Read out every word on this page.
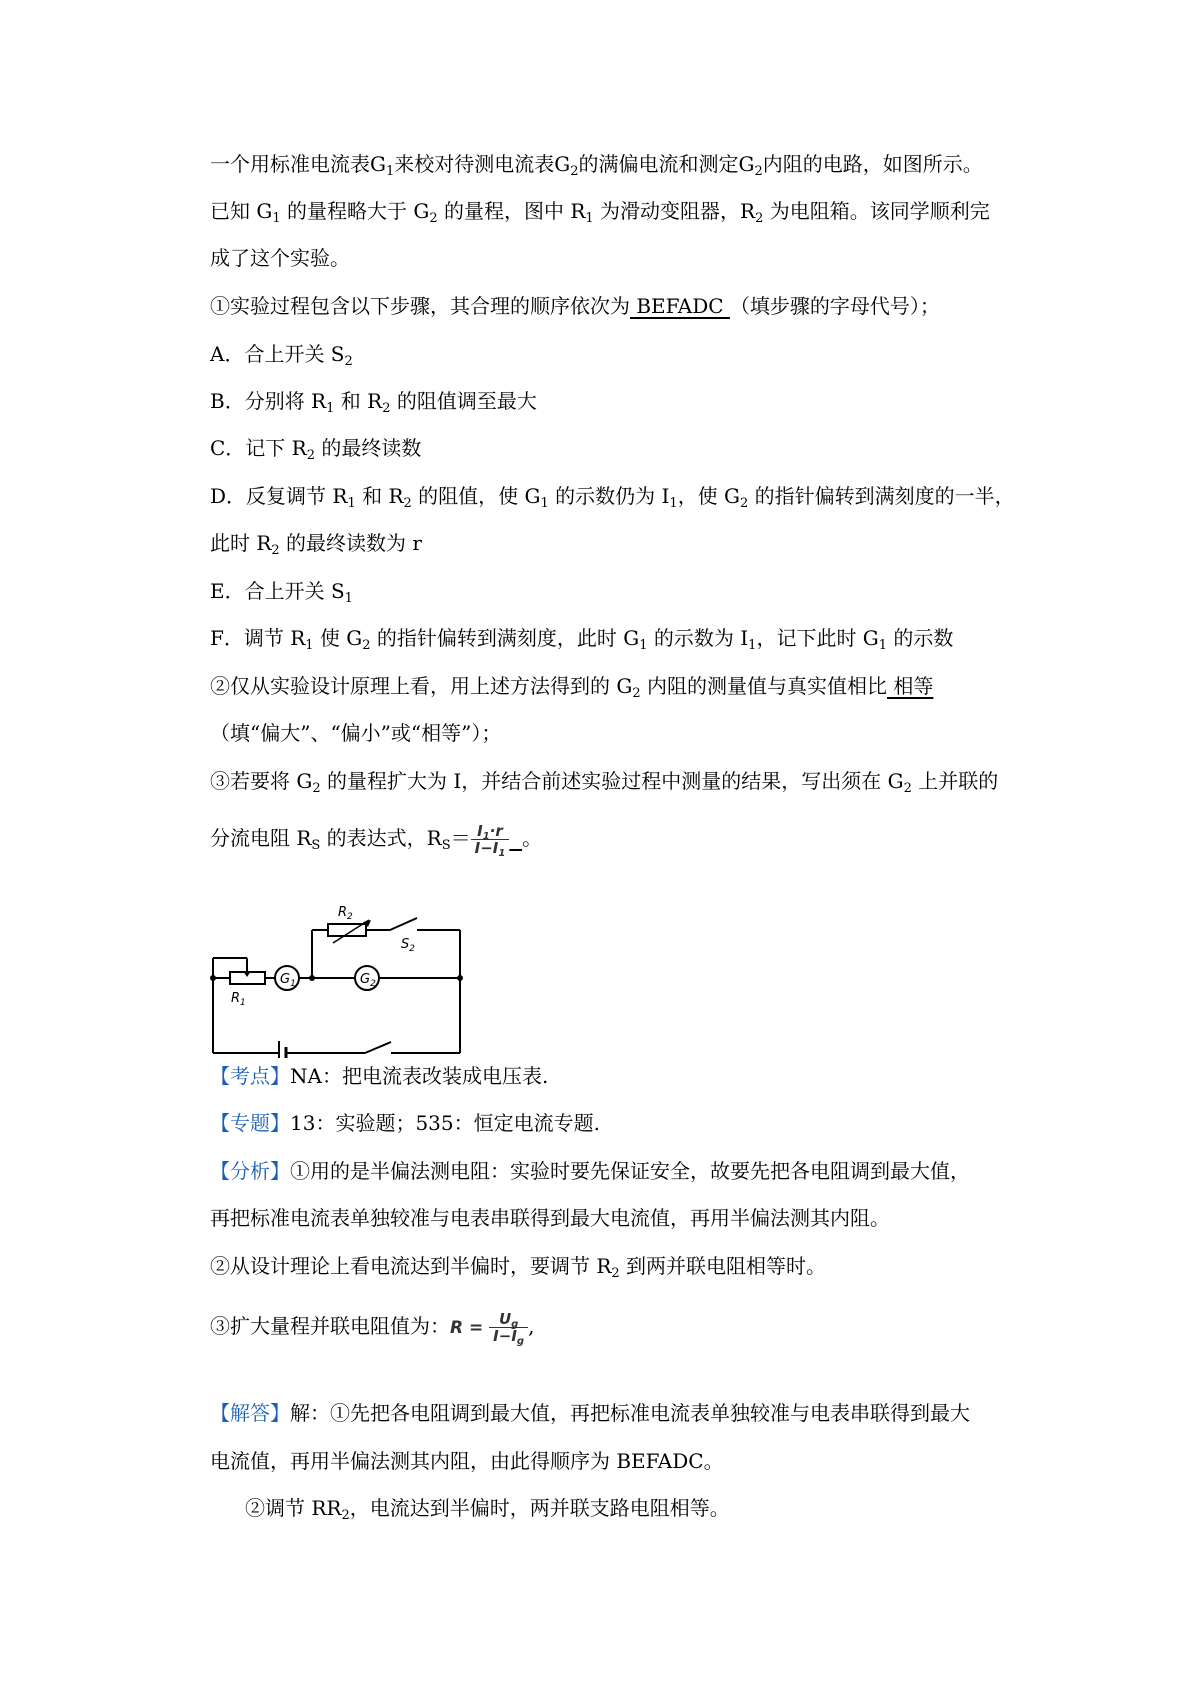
一个用标准电流表$G_1$来校对待测电流表$G_2$的满偏电流和测定$G_2$内阻的电路，如图所示。
已知 $G_1$ 的量程略大于 $G_2$ 的量程，图中 $R_1$ 为滑动变阻器，$R_2$ 为电阻箱。该同学顺利完
成了这个实验。
①实验过程包含以下步骤，其合理的顺序依次为 BEFADC （填步骤的字母代号）；
A．合上开关 $S_2$
B．分别将 $R_1$ 和 $R_2$ 的阻值调至最大
C．记下 $R_2$ 的最终读数
D．反复调节 $R_1$ 和 $R_2$ 的阻值，使 $G_1$ 的示数仍为 $I_1$，使 $G_2$ 的指针偏转到满刻度的一半，
此时 $R_2$ 的最终读数为 r
E．合上开关 $S_1$
F．调节 $R_1$ 使 $G_2$ 的指针偏转到满刻度，此时 $G_1$ 的示数为 $I_1$，记下此时 $G_1$ 的示数
②仅从实验设计原理上看，用上述方法得到的 $G_2$ 内阻的测量值与真实值相比 相等
（填“偏大”、“偏小”或“相等”）；
③若要将 $G_2$ 的量程扩大为 I，并结合前述实验过程中测量的结果，写出须在 $G_2$ 上并联的
分流电阻 $R_S$ 的表达式，$R_S= \frac{I_1\cdot r}{I-I_1}$ 。
$R_2$
$S_2$
$G_1$	$G_2$
$R_1$
【考点】NA：把电流表改装成电压表.
【专题】13：实验题；535：恒定电流专题.
【分析】①用的是半偏法测电阻：实验时要先保证安全，故要先把各电阻调到最大值，
再把标准电流表单独较准与电表串联得到最大电流值，再用半偏法测其内阻。
②从设计理论上看电流达到半偏时，要调节 $R_2$ 到两并联电阻相等时。
③扩大量程并联电阻值为：$R = \frac{U_g}{I-I_g}$ ,
【解答】解：①先把各电阻调到最大值，再把标准电流表单独较准与电表串联得到最大
电流值，再用半偏法测其内阻，由此得顺序为 BEFADC。
②调节 $RR_2$，电流达到半偏时，两并联支路电阻相等。
